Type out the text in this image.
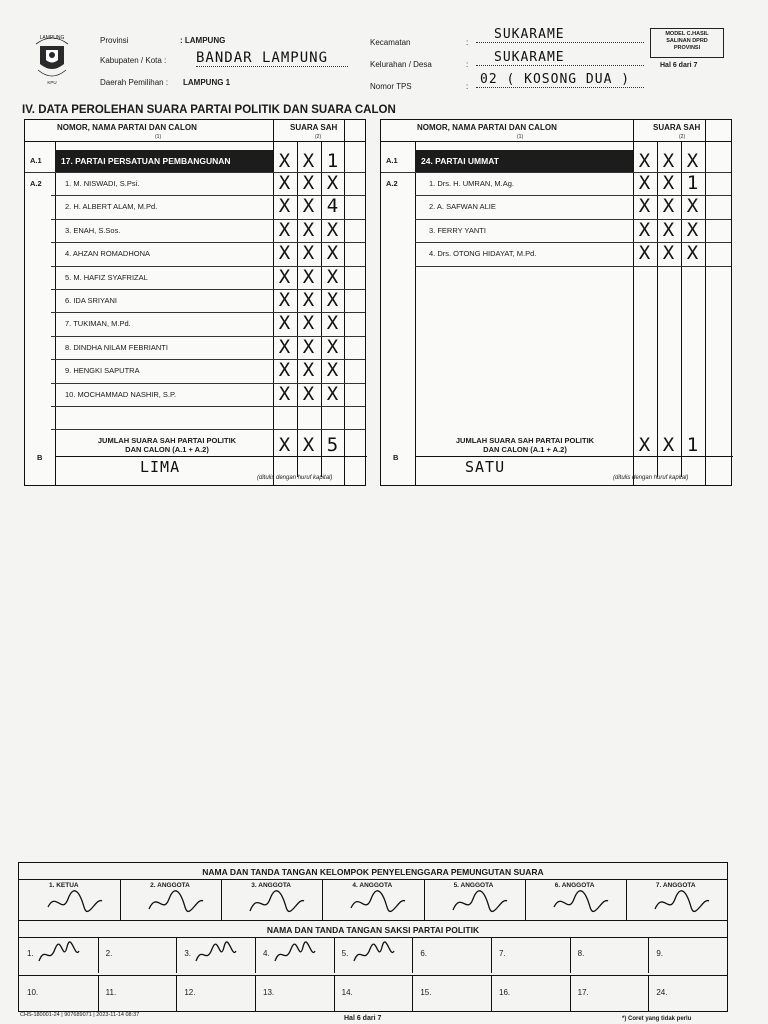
LAMPUNG
KPU
Provinsi	: LAMPUNG
Kabupaten / Kota : BANDAR LAMPUNG
Daerah Pemilihan : LAMPUNG 1
Kecamatan	:
SUKARAME
Kelurahan / Desa	:	SUKARAME
Nomor TPS	: 02 ( KOSONG DUA )
MODEL C.HASIL
SALINAN DPRD
PROVINSI
Hal 6 dari 7
IV. DATA PEROLEHAN SUARA PARTAI POLITIK DAN SUARA CALON
NOMOR, NAMA PARTAI DAN CALON
(1)
SUARA SAH
(2)
A.1	17. PARTAI PERSATUAN PEMBANGUNAN	X X 1
A.2	1. M. NISWADI, S.Psi.	X X X
2. H. ALBERT ALAM, M.Pd.	X X 4
3. ENAH, S.Sos.	X X X
4. AHZAN ROMADHONA	X X X
5. M. HAFIZ SYAFRIZAL	X X X
6. IDA SRIYANI	X X X
7. TUKIMAN, M.Pd.	X X X
8. DINDHA NILAM FEBRIANTI	X X X
9. HENGKI SAPUTRA	X X X
10. MOCHAMMAD NASHIR, S.P.	X X X
JUMLAH SUARA SAH PARTAI POLITIK
DAN CALON (A.1 + A.2)
B
X X 5
LIMA
(ditulis dengan huruf kapital)
NOMOR, NAMA PARTAI DAN CALON
(1)
SUARA SAH
(2)
A.1	24. PARTAI UMMAT	X X X
A.2	1. Drs. H. UMRAN, M.Ag.	X X 1
2. A. SAFWAN ALIE	X X X
3. FERRY YANTI	X X X
4. Drs. OTONG HIDAYAT, M.Pd.	X X X
JUMLAH SUARA SAH PARTAI POLITIK
DAN CALON (A.1 + A.2)
B
X X 1
SATU
(ditulis dengan huruf kapital)
NAMA DAN TANDA TANGAN KELOMPOK PENYELENGGARA PEMUNGUTAN SUARA
1. KETUA	2. ANGGOTA	3. ANGGOTA	4. ANGGOTA	5. ANGGOTA	6. ANGGOTA	7. ANGGOTA
NAMA DAN TANDA TANGAN SAKSI PARTAI POLITIK
1.	2.	3.	4.	5.	6.	7.	8.	9.
10.	11.	12.	13.	14.	15.	16.	17.	24.
CHS-180001-24 | 907689071 | 2023-11-14 08:37	Hal 6 dari 7	*) Coret yang tidak perlu
